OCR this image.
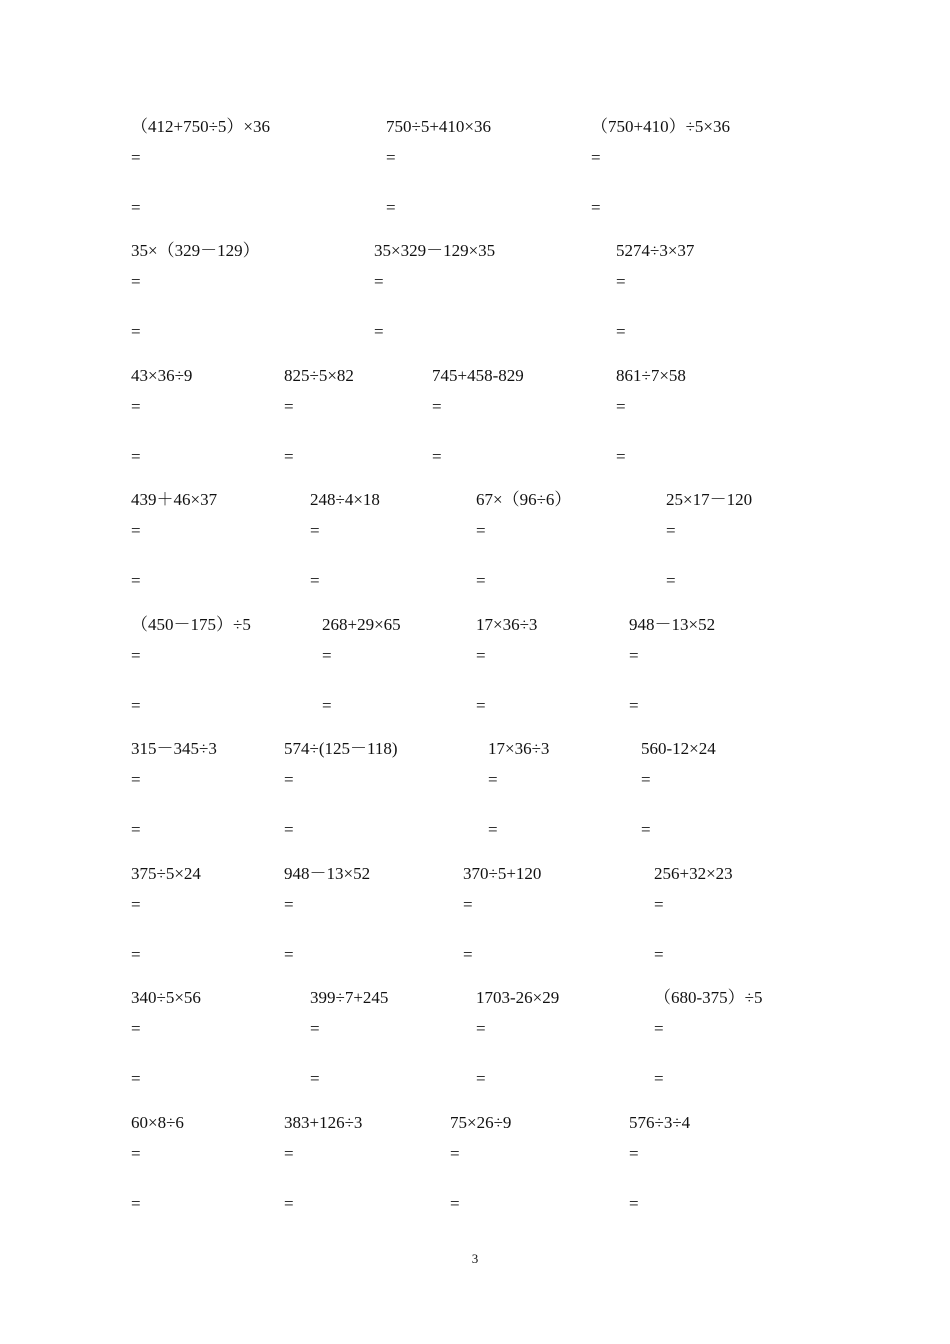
（412+750÷5）×36
=
=
750÷5+410×36
=
=
（750+410）÷5×36
=
=
35×（329－129）
=
=
35×329－129×35
=
=
5274÷3×37
=
=
43×36÷9
=
=
825÷5×82
=
=
745+458-829
=
=
861÷7×58
=
=
439＋46×37
=
=
248÷4×18
=
=
67×（96÷6）
=
=
25×17－120
=
=
（450－175）÷5
=
=
268+29×65
=
=
17×36÷3
=
=
948－13×52
=
=
315－345÷3
=
=
574÷(125－118)
=
=
17×36÷3
=
=
560-12×24
=
=
375÷5×24
=
=
948－13×52
=
=
370÷5+120
=
=
256+32×23
=
=
340÷5×56
=
=
399÷7+245
=
=
1703-26×29
=
=
（680-375）÷5
=
=
60×8÷6
=
=
383+126÷3
=
=
75×26÷9
=
=
576÷3÷4
=
=
3
